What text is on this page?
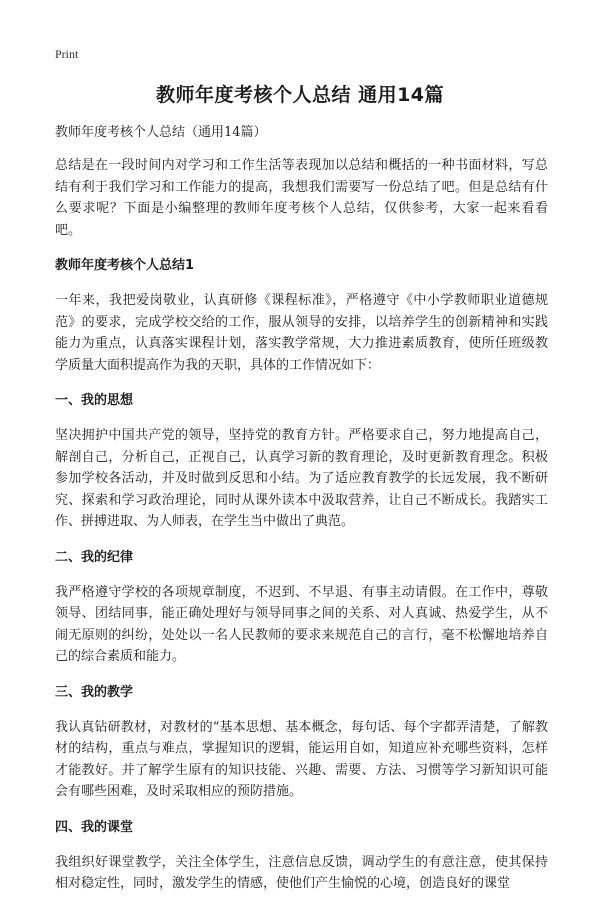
Print
教师年度考核个人总结 通用14篇
教师年度考核个人总结（通用14篇）

总结是在一段时间内对学习和工作生活等表现加以总结和概括的一种书面材料，写总结有利于我们学习和工作能力的提高，我想我们需要写一份总结了吧。但是总结有什么要求呢？下面是小编整理的教师年度考核个人总结，仅供参考，大家一起来看看吧。

教师年度考核个人总结1

一年来，我把爱岗敬业，认真研修《课程标准》，严格遵守《中小学教师职业道德规范》的要求，完成学校交给的工作，服从领导的安排，以培养学生的创新精神和实践能力为重点，认真落实课程计划，落实教学常规，大力推进素质教育，使所任班级教学质量大面积提高作为我的天职，具体的工作情况如下：

一、我的思想

坚决拥护中国共产党的领导，坚持党的教育方针。严格要求自己，努力地提高自己，解剖自己，分析自己，正视自己，认真学习新的教育理论，及时更新教育理念。积极参加学校各活动，并及时做到反思和小结。为了适应教育教学的长远发展，我不断研究、探索和学习政治理论，同时从课外读本中汲取营养，让自己不断成长。我踏实工作、拼搏进取、为人师表，在学生当中做出了典范。

二、我的纪律

我严格遵守学校的各项规章制度，不迟到、不早退、有事主动请假。在工作中，尊敬领导、团结同事，能正确处理好与领导同事之间的关系、对人真诚、热爱学生，从不闹无原则的纠纷，处处以一名人民教师的要求来规范自己的言行，毫不松懈地培养自己的综合素质和能力。

三、我的教学

我认真钻研教材，对教材的“基本思想、基本概念，每句话、每个字都弄清楚，了解教材的结构，重点与难点，掌握知识的逻辑，能运用自如，知道应补充哪些资料，怎样才能教好。并了解学生原有的知识技能、兴趣、需要、方法、习惯等学习新知识可能会有哪些困难，及时采取相应的预防措施。

四、我的课堂

我组织好课堂教学，关注全体学生，注意信息反馈，调动学生的有意注意，使其保持相对稳定性，同时，激发学生的情感，使他们产生愉悦的心境，创造良好的课堂
